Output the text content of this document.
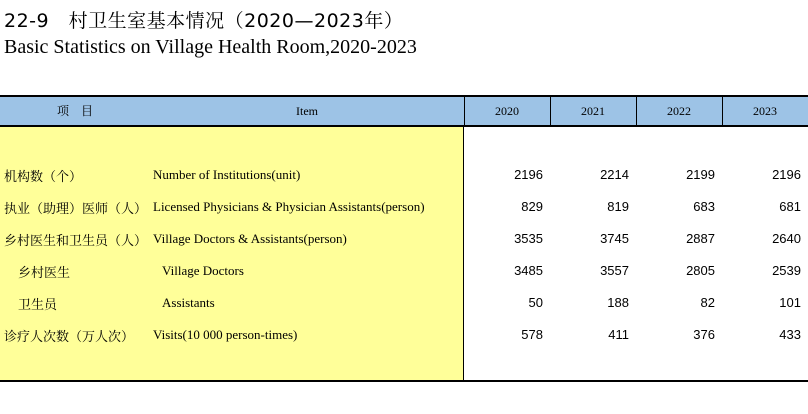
22-9　村卫生室基本情况（2020—2023年）
Basic Statistics on Village Health Room,2020-2023
项　目	Item	2020	2021	2022	2023
机构数（个）	Number of Institutions(unit)	2196	2214	2199	2196
执业（助理）医师（人） Licensed Physicians & Physician Assistants(person)	829	819	683	681
乡村医生和卫生员（人） Village Doctors & Assistants(person)	3535	3745	2887	2640
乡村医生	Village Doctors	3485	3557	2805	2539
卫生员	Assistants	50	188	82	101
诊疗人次数（万人次） Visits(10 000 person-times)	578	411	376	433
